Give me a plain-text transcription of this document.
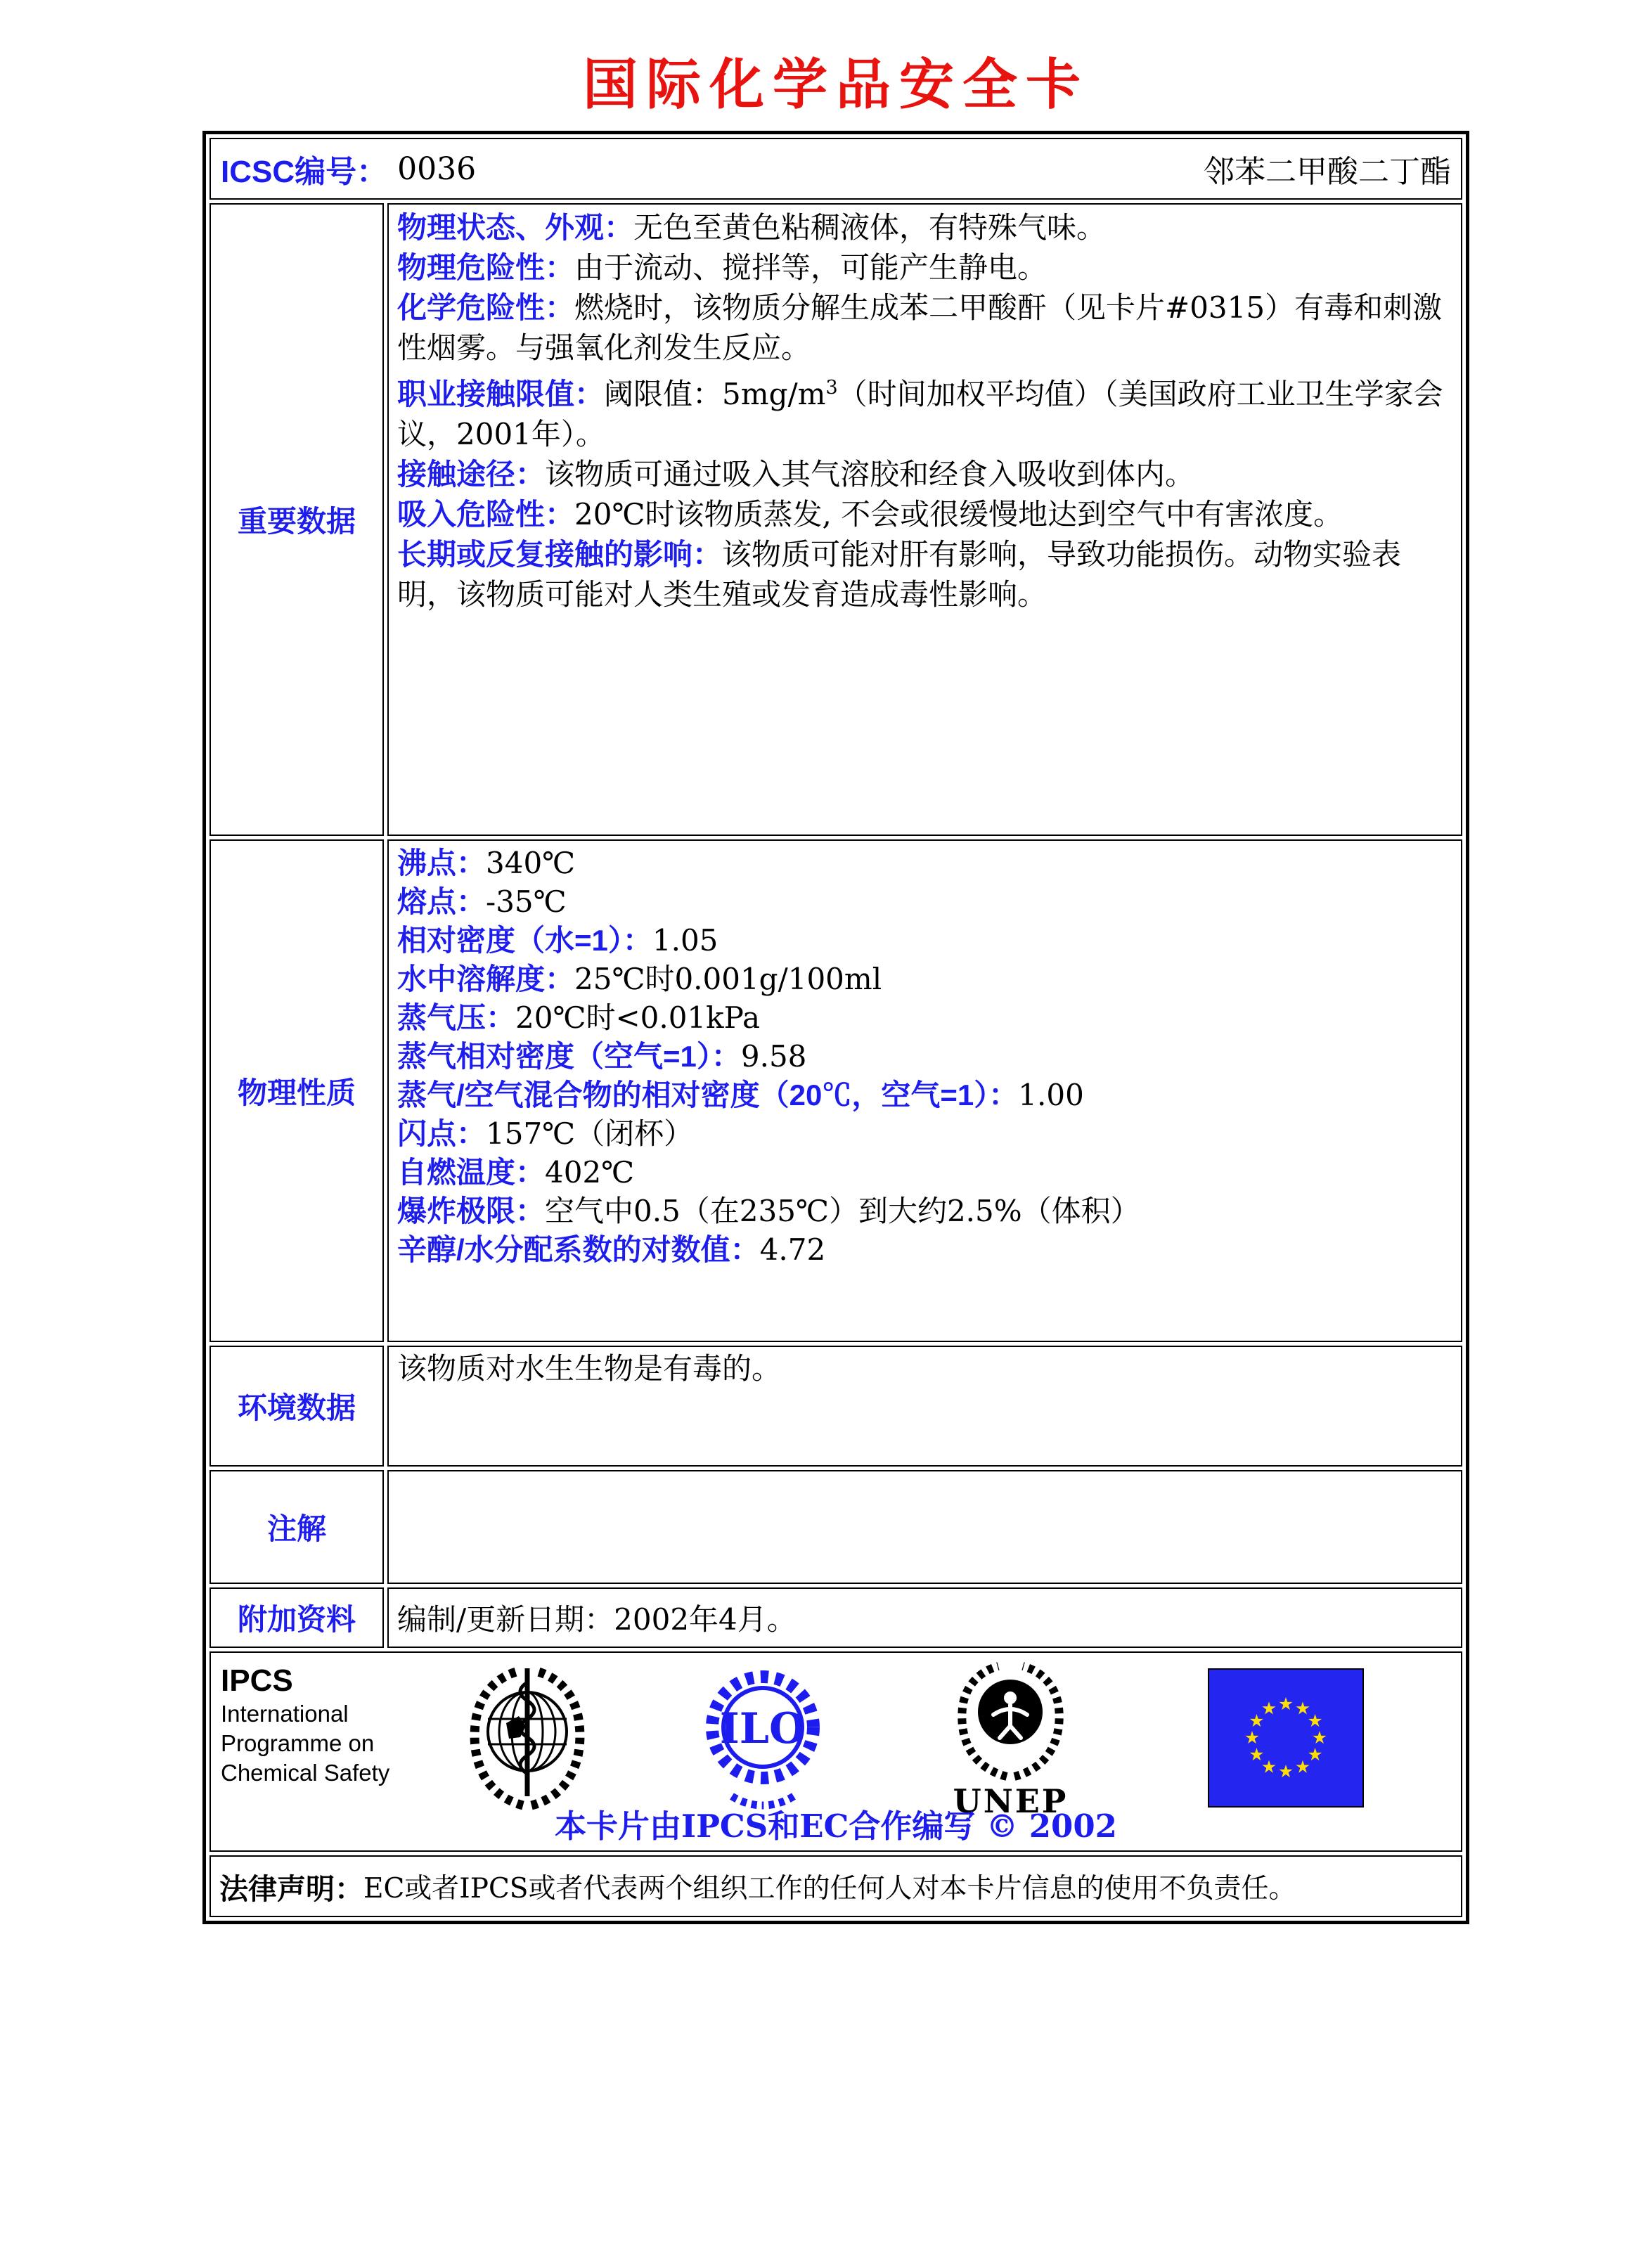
国际化学品安全卡
ICSC编号： 0036	邻苯二甲酸二丁酯
重要数据

物理状态、外观：无色至黄色粘稠液体，有特殊气味。

物理危险性：由于流动、搅拌等，可能产生静电。

化学危险性：燃烧时，该物质分解生成苯二甲酸酐（见卡片#0315）有毒和刺激性烟雾。与强氧化剂发生反应。

职业接触限值：阈限值：$5mg/m^3$（时间加权平均值）（美国政府工业卫生学家会议，2001年）。

接触途径：该物质可通过吸入其气溶胶和经食入吸收到体内。

吸入危险性：20℃时该物质蒸发, 不会或很缓慢地达到空气中有害浓度。

长期或反复接触的影响：该物质可能对肝有影响，导致功能损伤。动物实验表明，该物质可能对人类生殖或发育造成毒性影响。

物理性质

沸点：340℃

熔点：-35℃

相对密度（水=1）：1.05

水中溶解度：25℃时0.001g/100ml

蒸气压：20℃时<0.01kPa

蒸气相对密度（空气=1）：9.58

蒸气/空气混合物的相对密度（20℃，空气=1）：1.00

闪点：157℃（闭杯）

自燃温度：402℃

爆炸极限：空气中0.5（在235℃）到大约2.5%（体积）

辛醇/水分配系数的对数值：4.72

环境数据

该物质对水生生物是有毒的。

注解

附加资料 编制/更新日期：2002年4月。
IPCS
International
Programme on
Chemical Safety
ILO
UNEP
本卡片由IPCS和EC合作编写 © 2002
法律声明： EC或者IPCS或者代表两个组织工作的任何人对本卡片信息的使用不负责任。
